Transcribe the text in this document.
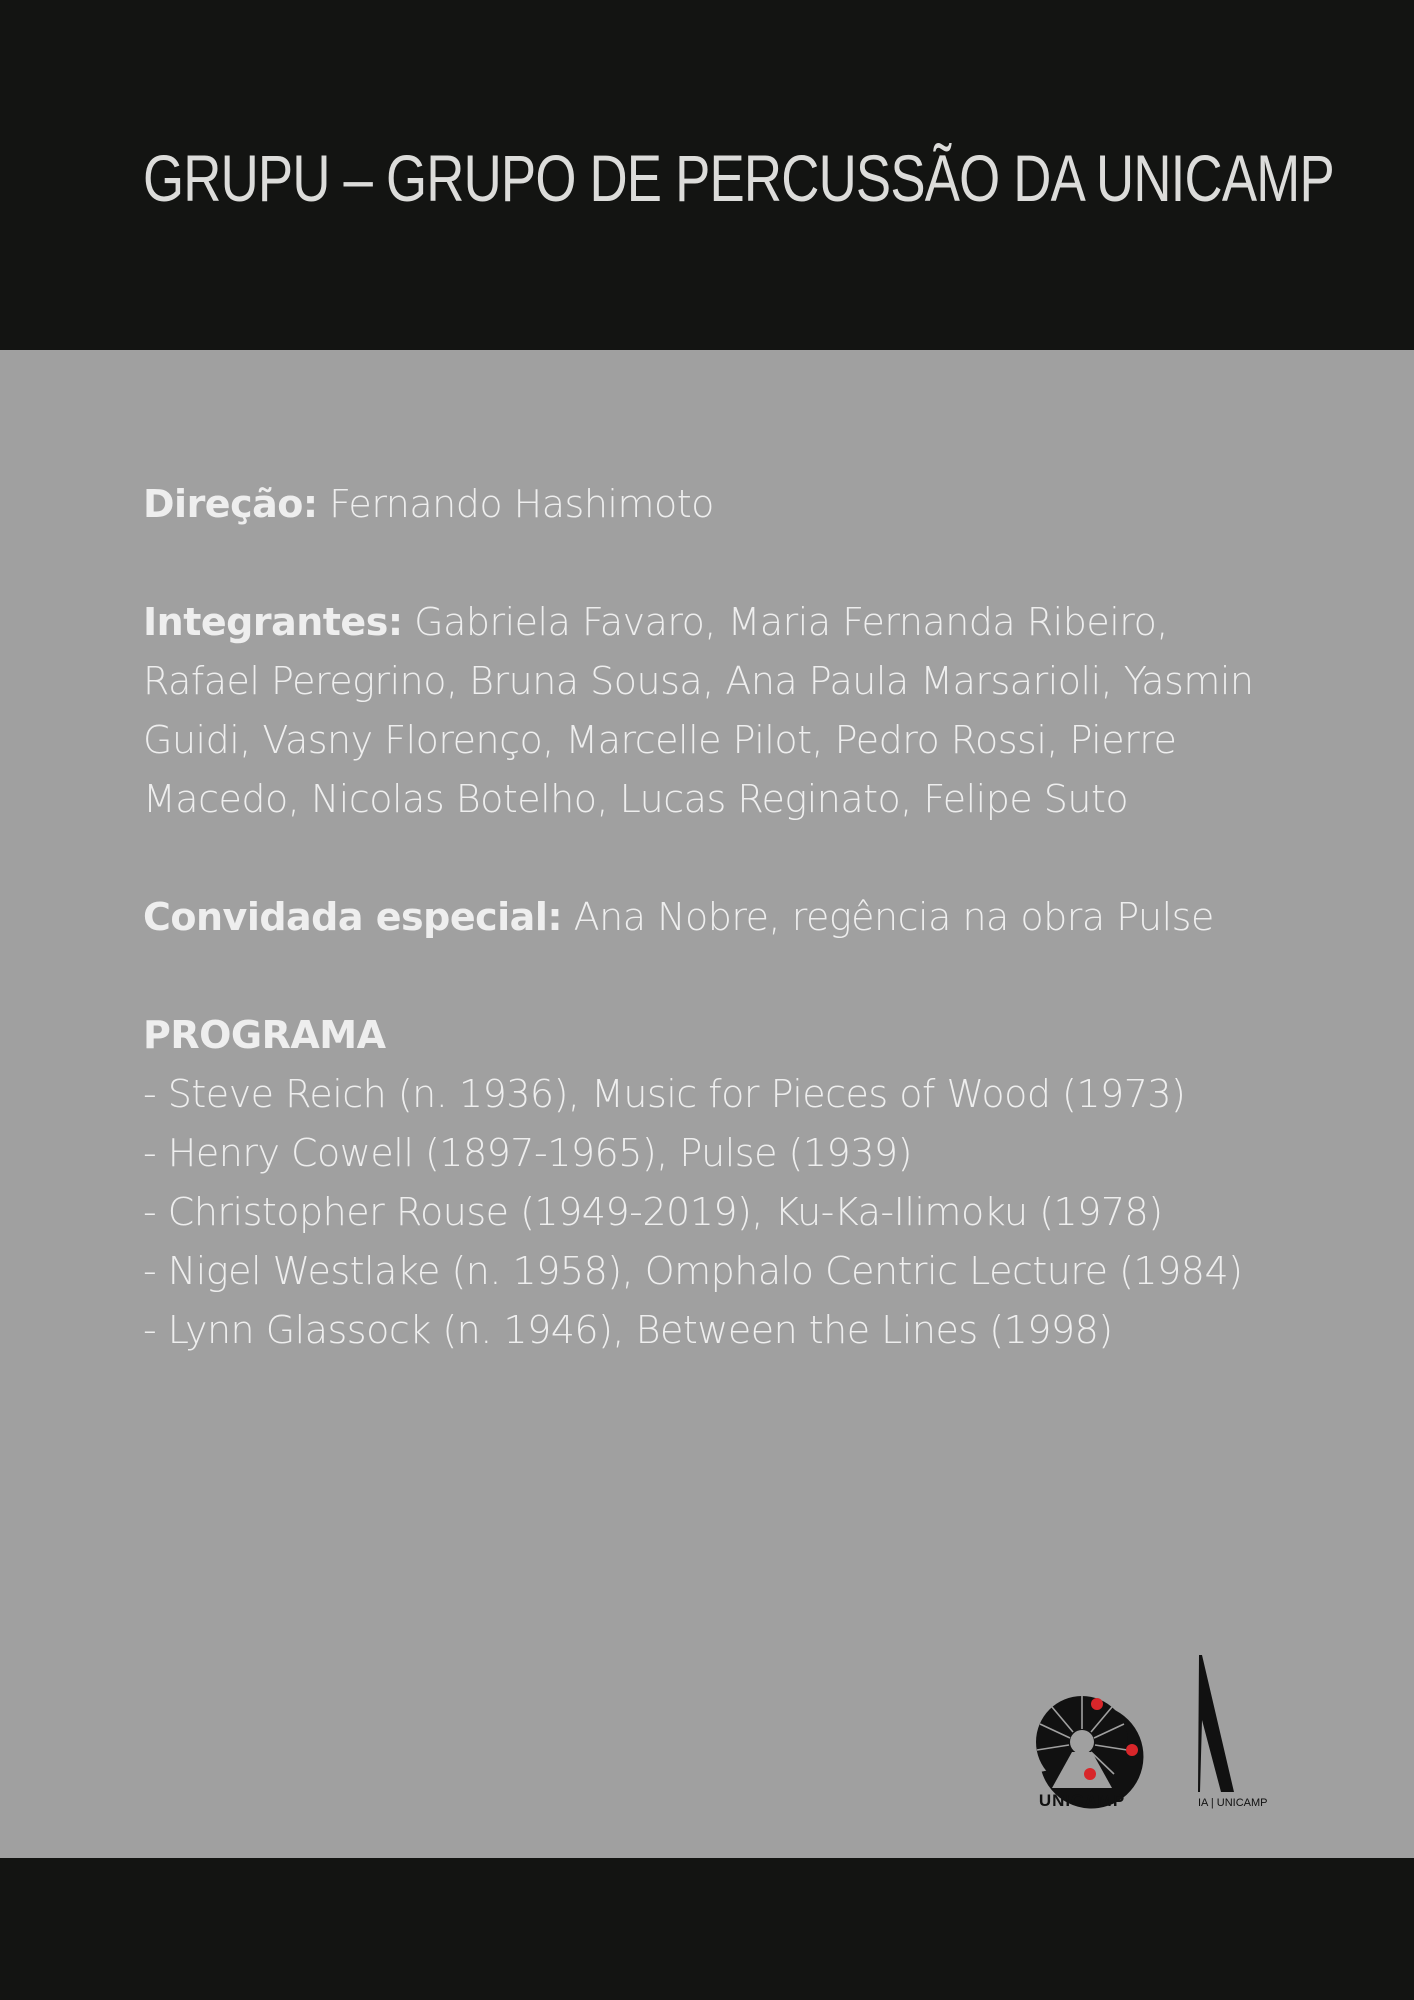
GRUPU – GRUPO DE PERCUSSÃO DA UNICAMP

Direção: Fernando Hashimoto

Integrantes: Gabriela Favaro, Maria Fernanda Ribeiro, Rafael Peregrino, Bruna Sousa, Ana Paula Marsarioli, Yasmin Guidi, Vasny Florenço, Marcelle Pilot, Pedro Rossi, Pierre Macedo, Nicolas Botelho, Lucas Reginato, Felipe Suto

Convidada especial: Ana Nobre, regência na obra Pulse

PROGRAMA

- Steve Reich (n. 1936), Music for Pieces of Wood (1973)
- Henry Cowell (1897-1965), Pulse (1939)
- Christopher Rouse (1949-2019), Ku-Ka-Ilimoku (1978)
- Nigel Westlake (n. 1958), Omphalo Centric Lecture (1984)
- Lynn Glassock (n. 1946), Between the Lines (1998)
UNICAMP	IA | UNICAMP
